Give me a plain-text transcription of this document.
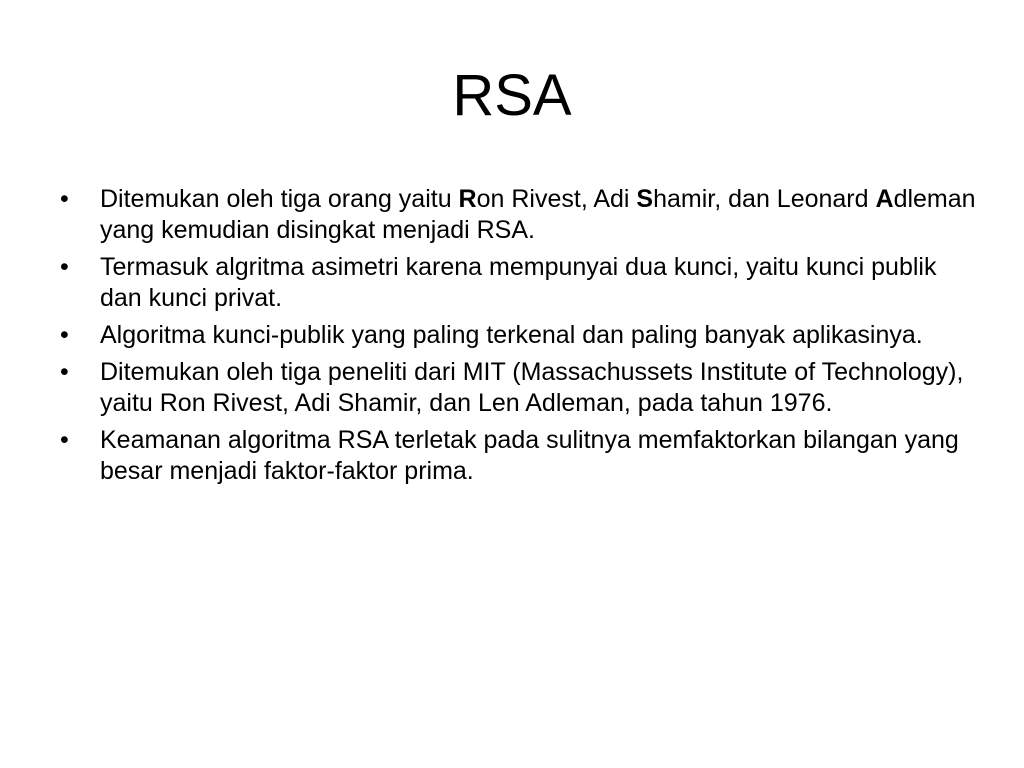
RSA
•	Ditemukan oleh tiga orang yaitu Ron Rivest, Adi Shamir, dan Leonard Adleman yang kemudian disingkat menjadi RSA.
•	Termasuk algritma asimetri karena mempunyai dua kunci, yaitu kunci publik dan kunci privat.
•	Algoritma kunci-publik yang paling terkenal dan paling banyak aplikasinya.
•	Ditemukan oleh tiga peneliti dari MIT (Massachussets Institute of Technology), yaitu Ron Rivest, Adi Shamir, dan Len Adleman, pada tahun 1976.
•	Keamanan algoritma RSA terletak pada sulitnya memfaktorkan bilangan yang besar menjadi faktor-faktor prima.
